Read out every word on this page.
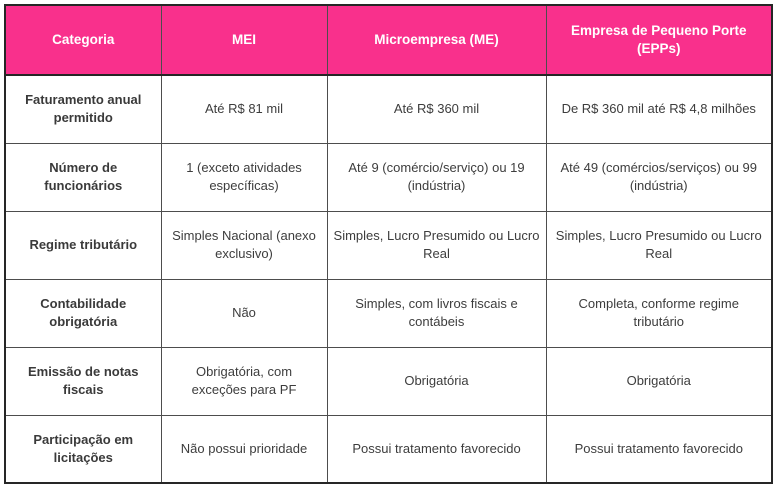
Categoria	MEI	Microempresa (ME)	Empresa de Pequeno Porte (EPPs)
Faturamento anual permitido	Até R$ 81 mil	Até R$ 360 mil	De R$ 360 mil até R$ 4,8 milhões
Número de funcionários	1 (exceto atividades específicas)	Até 9 (comércio/serviço) ou 19 (indústria)	Até 49 (comércios/serviços) ou 99 (indústria)
Regime tributário	Simples Nacional (anexo exclusivo)	Simples, Lucro Presumido ou Lucro Real	Simples, Lucro Presumido ou Lucro Real
Contabilidade obrigatória	Não	Simples, com livros fiscais e contábeis	Completa, conforme regime tributário
Emissão de notas fiscais	Obrigatória, com exceções para PF	Obrigatória	Obrigatória
Participação em licitações	Não possui prioridade	Possui tratamento favorecido	Possui tratamento favorecido
